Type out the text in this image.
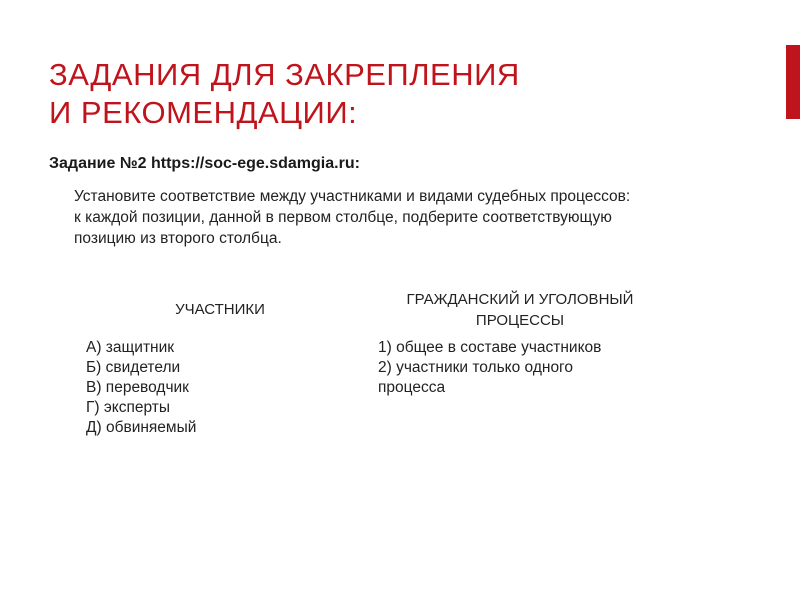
ЗАДАНИЯ ДЛЯ ЗАКРЕПЛЕНИЯ
И РЕКОМЕНДАЦИИ:
Задание №2 https://soc-ege.sdamgia.ru:
Установите соответствие между участниками и видами судебных процессов:
к каждой позиции, данной в первом столбце, подберите соответствующую
позицию из второго столбца.
УЧАСТНИКИ
ГРАЖДАНСКИЙ И УГОЛОВНЫЙ
ПРОЦЕССЫ
А) защитник
Б) свидетели
В) переводчик
Г) эксперты
Д) обвиняемый
1) общее в составе участников
2) участники только одного
процесса
